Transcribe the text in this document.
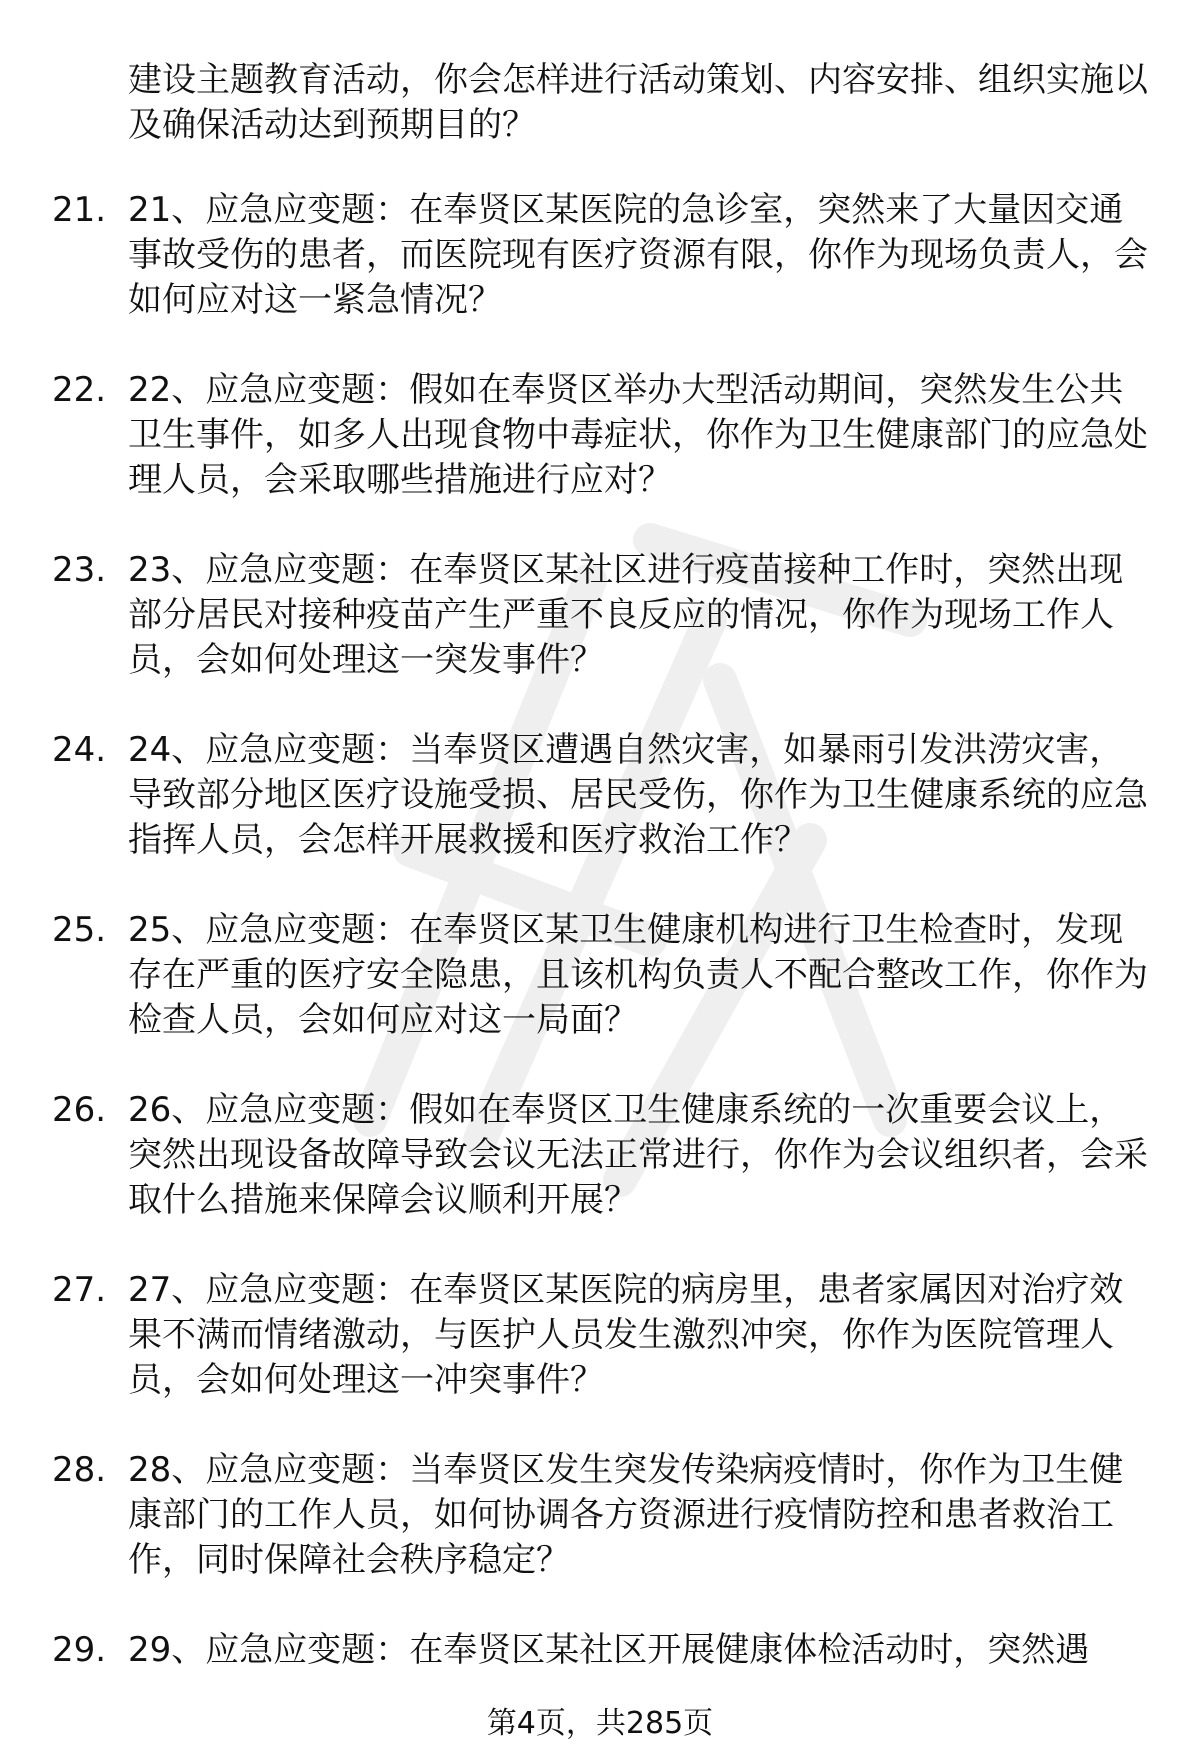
建设主题教育活动，你会怎样进行活动策划、内容安排、组织实施以及确保活动达到预期目的？
21. 21、应急应变题：在奉贤区某医院的急诊室，突然来了大量因交通事故受伤的患者，而医院现有医疗资源有限，你作为现场负责人，会如何应对这一紧急情况？
22. 22、应急应变题：假如在奉贤区举办大型活动期间，突然发生公共卫生事件，如多人出现食物中毒症状，你作为卫生健康部门的应急处理人员，会采取哪些措施进行应对？
23. 23、应急应变题：在奉贤区某社区进行疫苗接种工作时，突然出现部分居民对接种疫苗产生严重不良反应的情况，你作为现场工作人员，会如何处理这一突发事件？
24. 24、应急应变题：当奉贤区遭遇自然灾害，如暴雨引发洪涝灾害，导致部分地区医疗设施受损、居民受伤，你作为卫生健康系统的应急指挥人员，会怎样开展救援和医疗救治工作？
25. 25、应急应变题：在奉贤区某卫生健康机构进行卫生检查时，发现存在严重的医疗安全隐患，且该机构负责人不配合整改工作，你作为检查人员，会如何应对这一局面？
26. 26、应急应变题：假如在奉贤区卫生健康系统的一次重要会议上，突然出现设备故障导致会议无法正常进行，你作为会议组织者，会采取什么措施来保障会议顺利开展？
27. 27、应急应变题：在奉贤区某医院的病房里，患者家属因对治疗效果不满而情绪激动，与医护人员发生激烈冲突，你作为医院管理人员，会如何处理这一冲突事件？
28. 28、应急应变题：当奉贤区发生突发传染病疫情时，你作为卫生健康部门的工作人员，如何协调各方资源进行疫情防控和患者救治工作，同时保障社会秩序稳定？
29. 29、应急应变题：在奉贤区某社区开展健康体检活动时，突然遇
第4页，共285页
